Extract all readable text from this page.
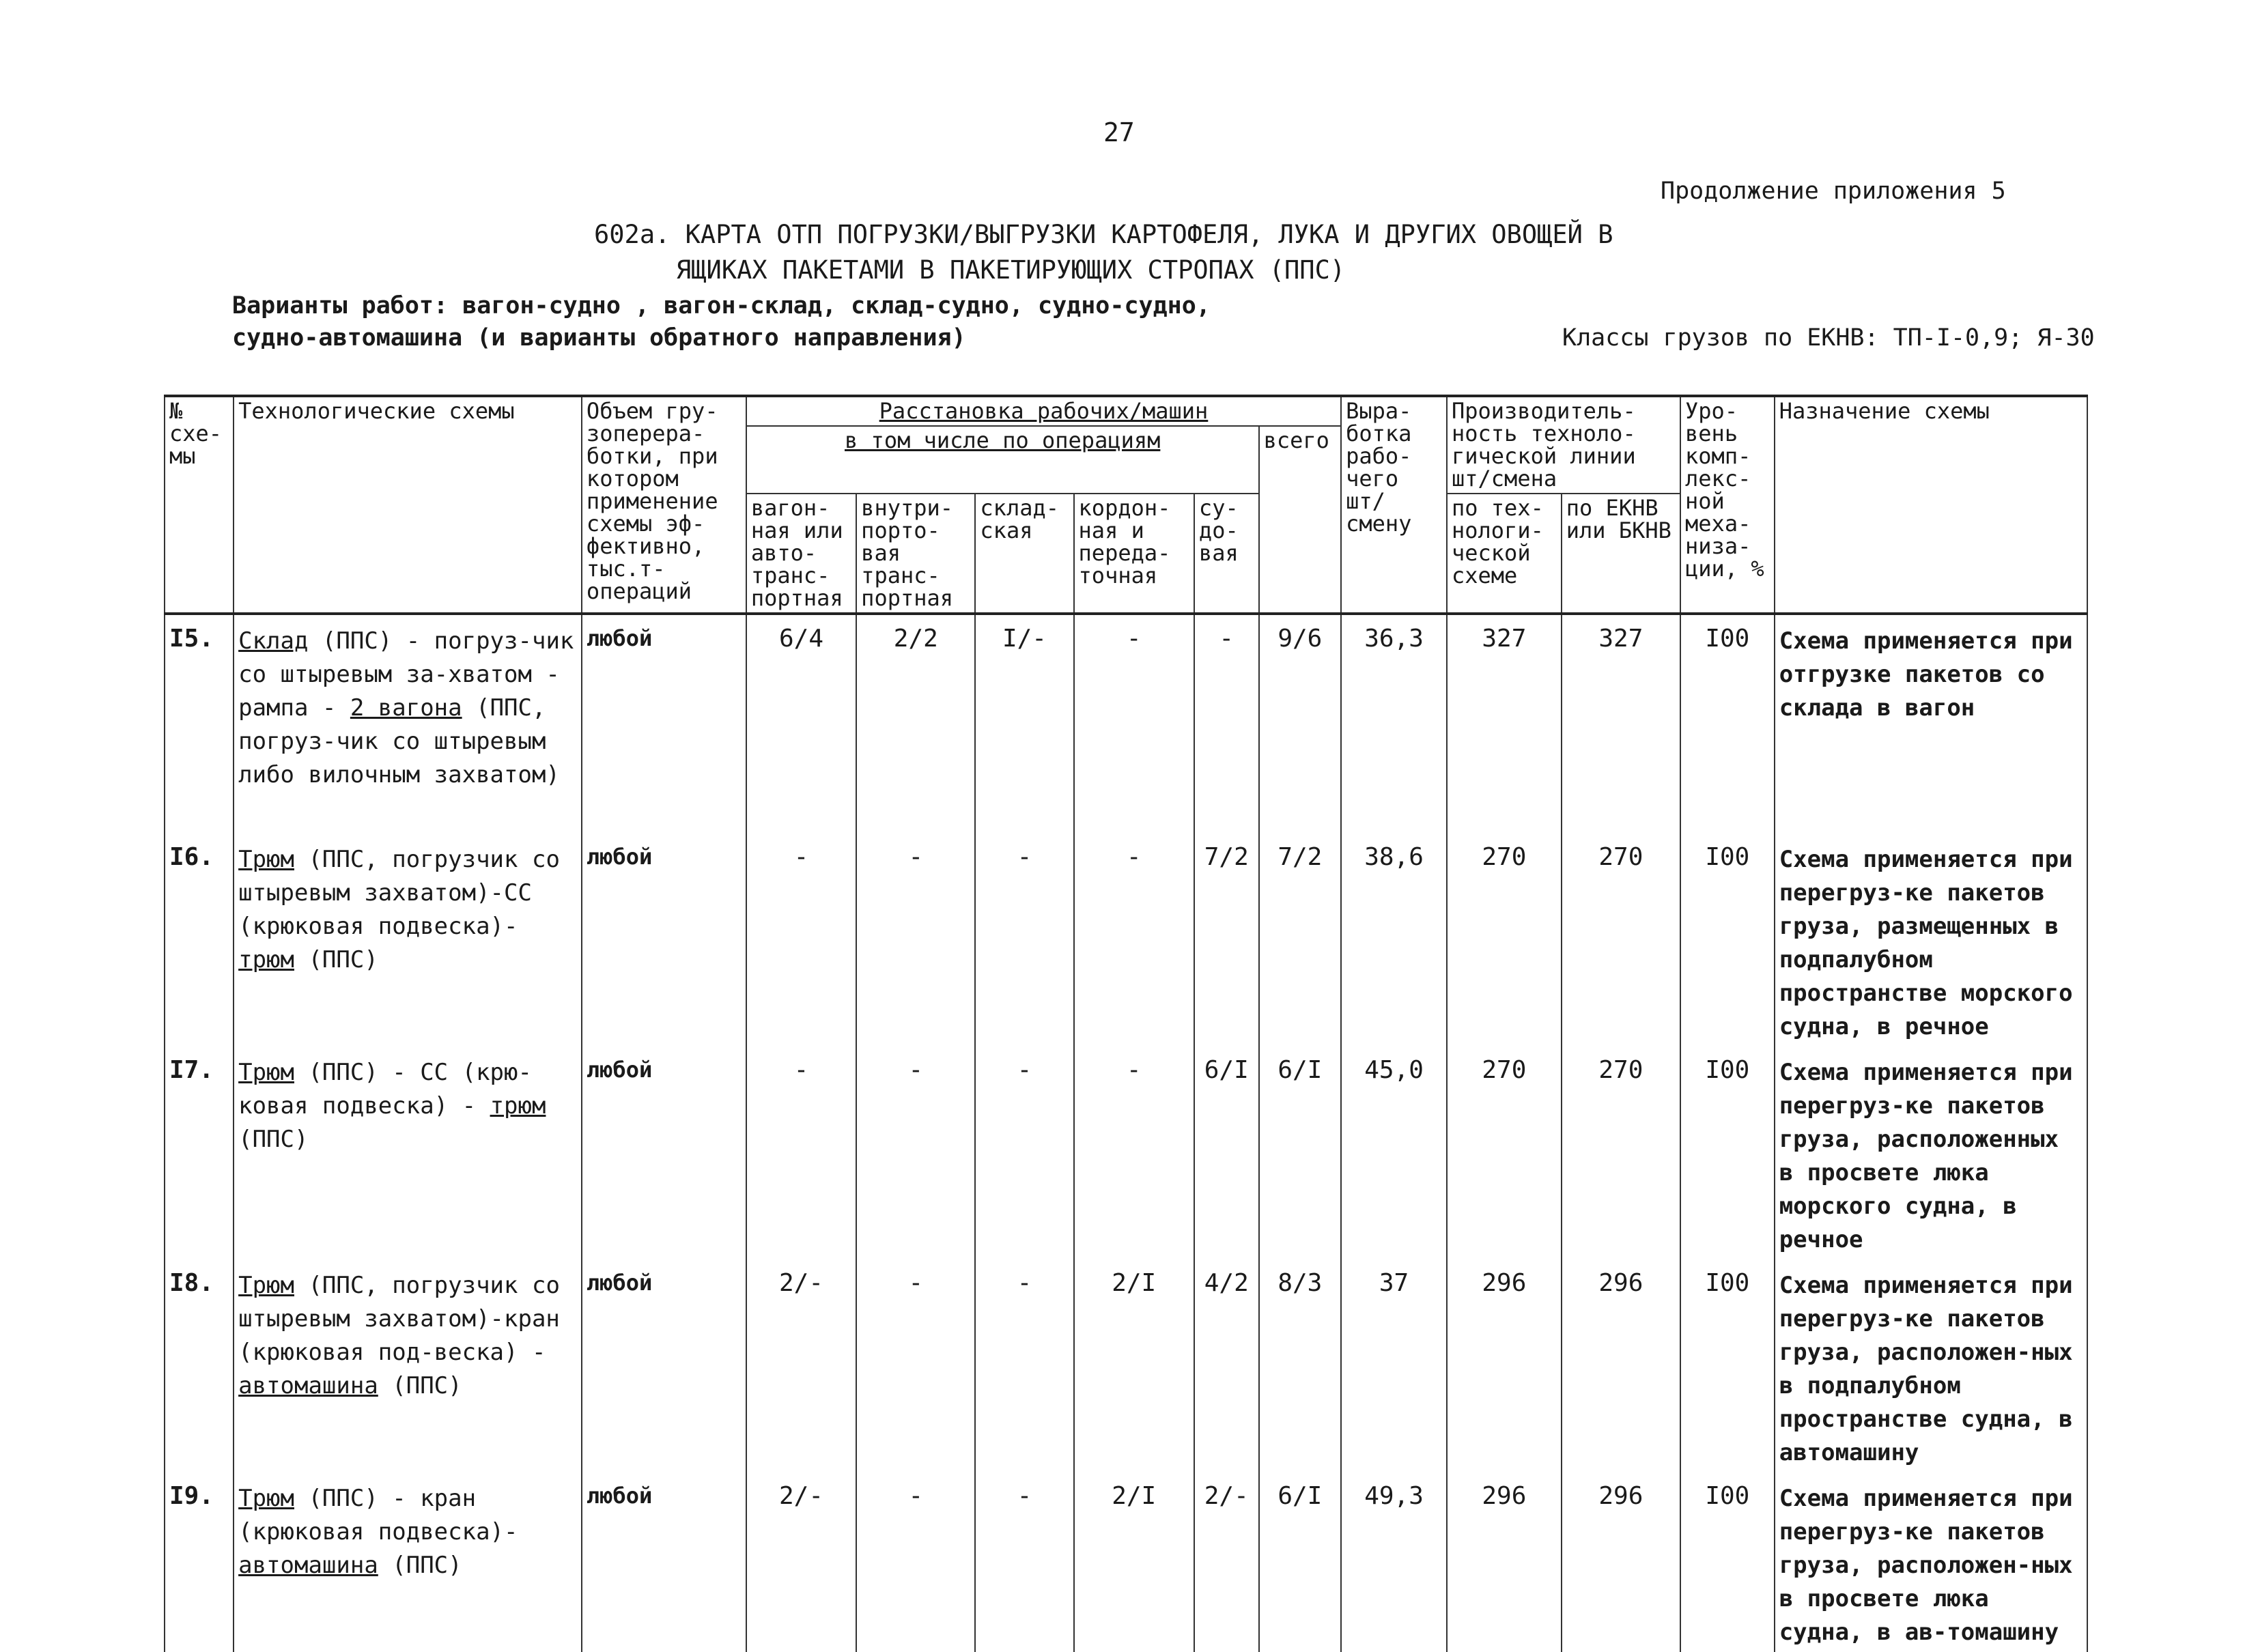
27
Продолжение приложения 5
602а. КАРТА ОТП ПОГРУЗКИ/ВЫГРУЗКИ КАРТОФЕЛЯ, ЛУКА И ДРУГИХ ОВОЩЕЙ В
ЯЩИКАХ ПАКЕТАМИ В ПАКЕТИРУЮЩИХ СТРОПАХ (ППС)
Варианты работ: вагон-судно , вагон-склад, склад-судно, судно-судно,
судно-автомашина (и варианты обратного направления)	Классы грузов по ЕКНВ: ТП-I-0,9; Я-30
№ схе-мы	Технологические схемы	Объем гру-зоперера-ботки, при котором применение схемы эф-фективно, тыс.т-операций	Расстановка рабочих/машин						Выра-ботка рабо-чего шт/ смену	Производитель-ность техноло-гической линии шт/смена		Уро-вень комп-лекс-ной меха-низа-ции, %	Назначение схемы
			в том числе по операциям					всего					
			вагон-ная или авто-транс-портная	внутри-порто-вая транс-портная	склад-ская	кордон-ная и переда-точная	су-до-вая			по тех-нологи-ческой схеме	по ЕКНВ или БКНВ		
I5.	Склад (ППС) - погруз-чик со штыревым за-хватом - рампа - 2 вагона (ППС, погруз-чик со штыревым либо вилочным захватом)	любой	6/4	2/2	I/-	-	-	9/6	36,3	327	327	I00	Схема применяется при отгрузке пакетов со склада в вагон
I6.	Трюм (ППС, погрузчик со штыревым захватом)-СС (крюковая подвеска)- трюм (ППС)	любой	-	-	-	-	7/2	7/2	38,6	270	270	I00	Схема применяется при перегруз-ке пакетов груза, размещенных в подпалубном пространстве морского судна, в речное
I7.	Трюм (ППС) - СС (крю-ковая подвеска) - трюм (ППС)	любой	-	-	-	-	6/I	6/I	45,0	270	270	I00	Схема применяется при перегруз-ке пакетов груза, расположенных в просвете люка морского судна, в речное
I8.	Трюм (ППС, погрузчик со штыревым захватом)-кран (крюковая под-веска) - автомашина (ППС)	любой	2/-	-	-	2/I	4/2	8/3	37	296	296	I00	Схема применяется при перегруз-ке пакетов груза, расположен-ных в подпалубном пространстве судна, в автомашину
I9.	Трюм (ППС) - кран (крюковая подвеска)- автомашина (ППС)	любой	2/-	-	-	2/I	2/-	6/I	49,3	296	296	I00	Схема применяется при перегруз-ке пакетов груза, расположен-ных в просвете люка судна, в ав-томашину
